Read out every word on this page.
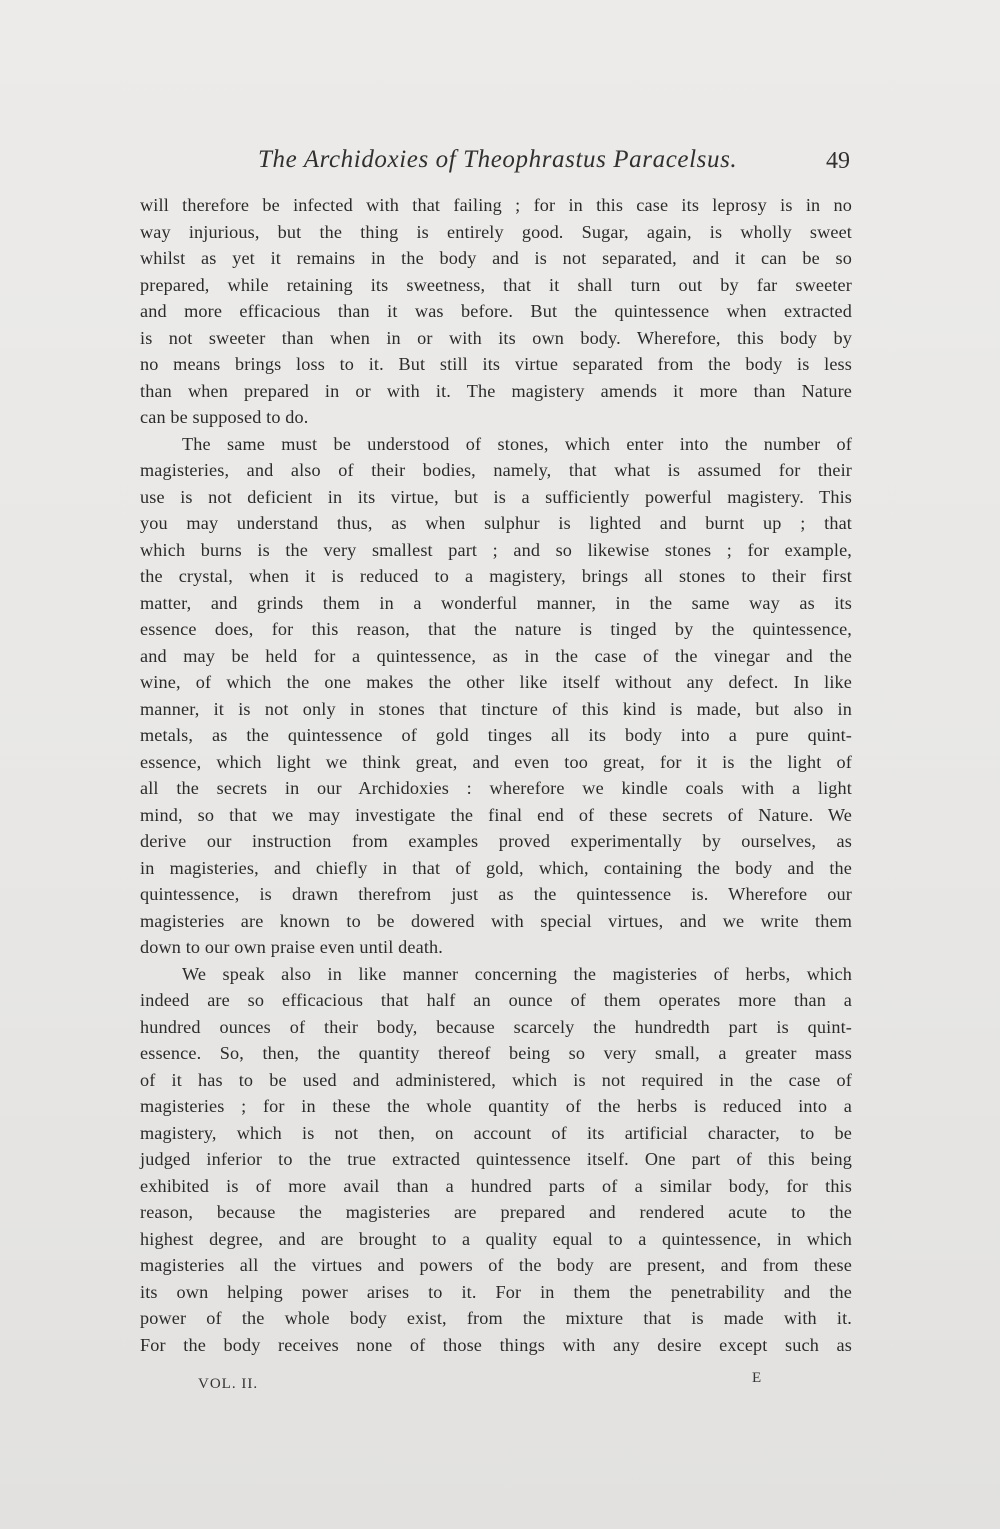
The Archidoxies of Theophrastus Paracelsus.	49
will therefore be infected with that failing ; for in this case its leprosy is in no
way injurious, but the thing is entirely good. Sugar, again, is wholly sweet
whilst as yet it remains in the body and is not separated, and it can be so
prepared, while retaining its sweetness, that it shall turn out by far sweeter
and more efficacious than it was before. But the quintessence when extracted
is not sweeter than when in or with its own body. Wherefore, this body by
no means brings loss to it. But still its virtue separated from the body is less
than when prepared in or with it. The magistery amends it more than Nature
can be supposed to do.
The same must be understood of stones, which enter into the number of
magisteries, and also of their bodies, namely, that what is assumed for their
use is not deficient in its virtue, but is a sufficiently powerful magistery. This
you may understand thus, as when sulphur is lighted and burnt up ; that
which burns is the very smallest part ; and so likewise stones ; for example,
the crystal, when it is reduced to a magistery, brings all stones to their first
matter, and grinds them in a wonderful manner, in the same way as its
essence does, for this reason, that the nature is tinged by the quintessence,
and may be held for a quintessence, as in the case of the vinegar and the
wine, of which the one makes the other like itself without any defect. In like
manner, it is not only in stones that tincture of this kind is made, but also in
metals, as the quintessence of gold tinges all its body into a pure quint-
essence, which light we think great, and even too great, for it is the light of
all the secrets in our Archidoxies : wherefore we kindle coals with a light
mind, so that we may investigate the final end of these secrets of Nature. We
derive our instruction from examples proved experimentally by ourselves, as
in magisteries, and chiefly in that of gold, which, containing the body and the
quintessence, is drawn therefrom just as the quintessence is. Wherefore our
magisteries are known to be dowered with special virtues, and we write them
down to our own praise even until death.
We speak also in like manner concerning the magisteries of herbs, which
indeed are so efficacious that half an ounce of them operates more than a
hundred ounces of their body, because scarcely the hundredth part is quint-
essence. So, then, the quantity thereof being so very small, a greater mass
of it has to be used and administered, which is not required in the case of
magisteries ; for in these the whole quantity of the herbs is reduced into a
magistery, which is not then, on account of its artificial character, to be
judged inferior to the true extracted quintessence itself. One part of this being
exhibited is of more avail than a hundred parts of a similar body, for this
reason, because the magisteries are prepared and rendered acute to the
highest degree, and are brought to a quality equal to a quintessence, in which
magisteries all the virtues and powers of the body are present, and from these
its own helping power arises to it. For in them the penetrability and the
power of the whole body exist, from the mixture that is made with it.
For the body receives none of those things with any desire except such as
VOL. II.	E
